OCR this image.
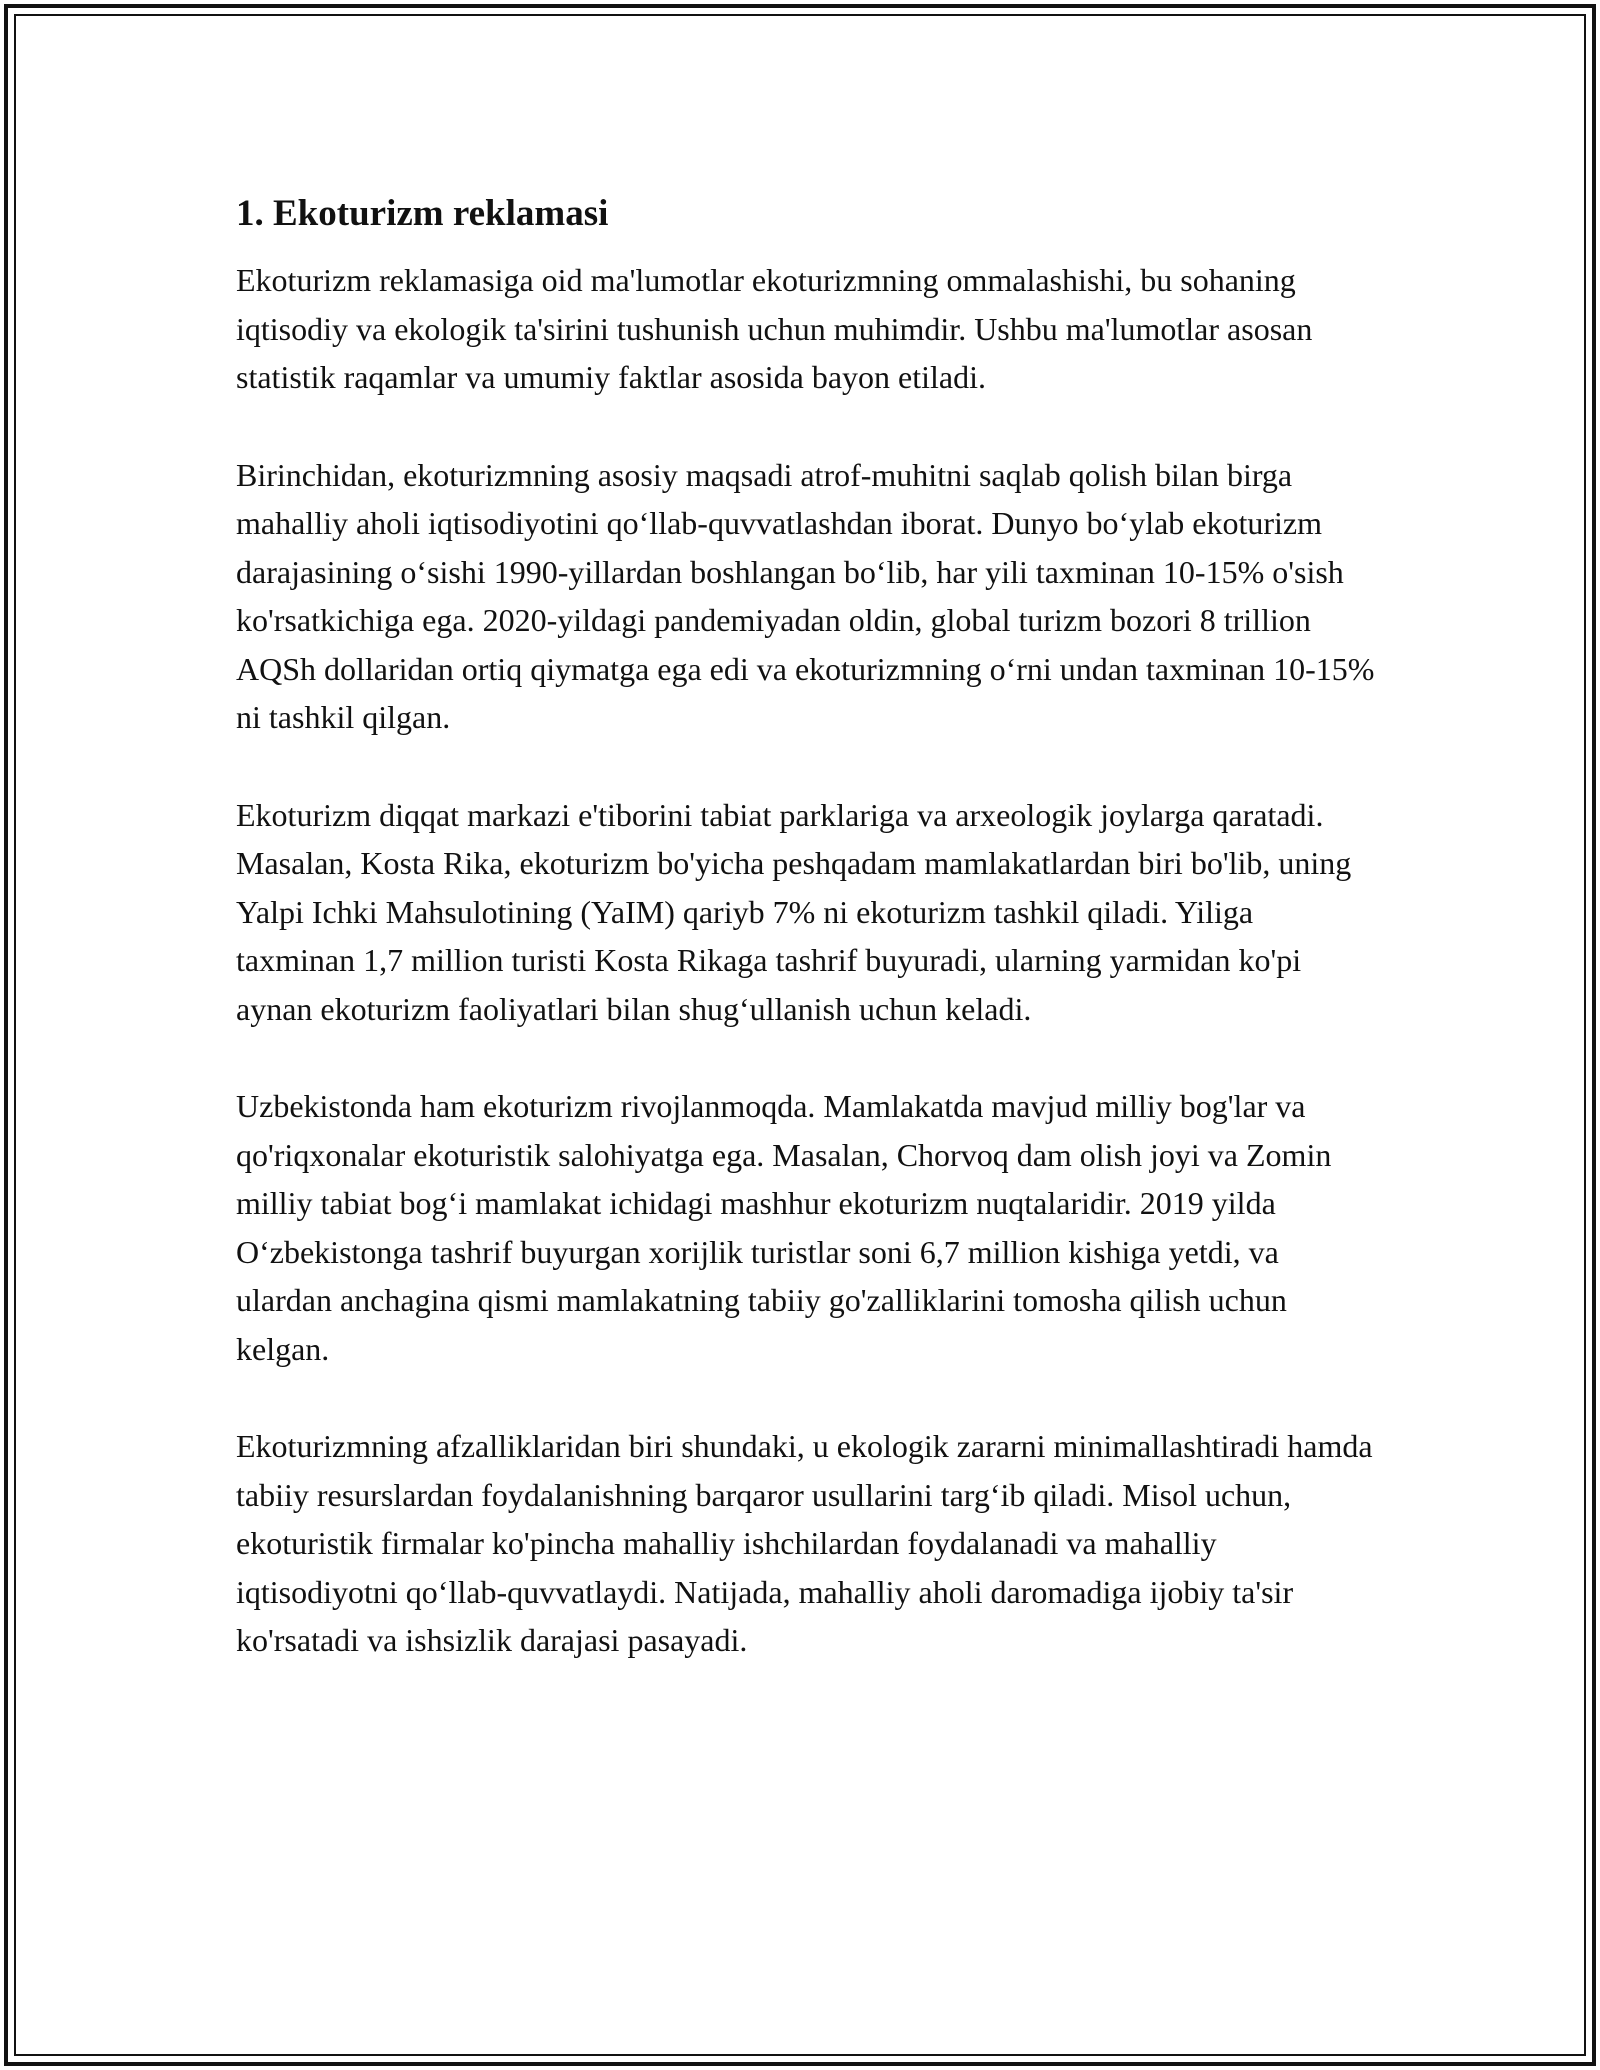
1. Ekoturizm reklamasi

Ekoturizm reklamasiga oid ma'lumotlar ekoturizmning ommalashishi, bu sohaning iqtisodiy va ekologik ta'sirini tushunish uchun muhimdir. Ushbu ma'lumotlar asosan statistik raqamlar va umumiy faktlar asosida bayon etiladi.

Birinchidan, ekoturizmning asosiy maqsadi atrof-muhitni saqlab qolish bilan birga mahalliy aholi iqtisodiyotini qo‘llab-quvvatlashdan iborat. Dunyo bo‘ylab ekoturizm darajasining o‘sishi 1990-yillardan boshlangan bo‘lib, har yili taxminan 10-15% o'sish ko'rsatkichiga ega. 2020-yildagi pandemiyadan oldin, global turizm bozori 8 trillion AQSh dollaridan ortiq qiymatga ega edi va ekoturizmning o‘rni undan taxminan 10-15% ni tashkil qilgan.

Ekoturizm diqqat markazi e'tiborini tabiat parklariga va arxeologik joylarga qaratadi. Masalan, Kosta Rika, ekoturizm bo'yicha peshqadam mamlakatlardan biri bo'lib, uning Yalpi Ichki Mahsulotining (YaIM) qariyb 7% ni ekoturizm tashkil qiladi. Yiliga taxminan 1,7 million turisti Kosta Rikaga tashrif buyuradi, ularning yarmidan ko'pi aynan ekoturizm faoliyatlari bilan shug‘ullanish uchun keladi.

Uzbekistonda ham ekoturizm rivojlanmoqda. Mamlakatda mavjud milliy bog'lar va qo'riqxonalar ekoturistik salohiyatga ega. Masalan, Chorvoq dam olish joyi va Zomin milliy tabiat bog‘i mamlakat ichidagi mashhur ekoturizm nuqtalaridir. 2019 yilda O‘zbekistonga tashrif buyurgan xorijlik turistlar soni 6,7 million kishiga yetdi, va ulardan anchagina qismi mamlakatning tabiiy go'zalliklarini tomosha qilish uchun kelgan.

Ekoturizmning afzalliklaridan biri shundaki, u ekologik zararni minimallashtiradi hamda tabiiy resurslardan foydalanishning barqaror usullarini targ‘ib qiladi. Misol uchun, ekoturistik firmalar ko'pincha mahalliy ishchilardan foydalanadi va mahalliy iqtisodiyotni qo‘llab-quvvatlaydi. Natijada, mahalliy aholi daromadiga ijobiy ta'sir ko'rsatadi va ishsizlik darajasi pasayadi.
